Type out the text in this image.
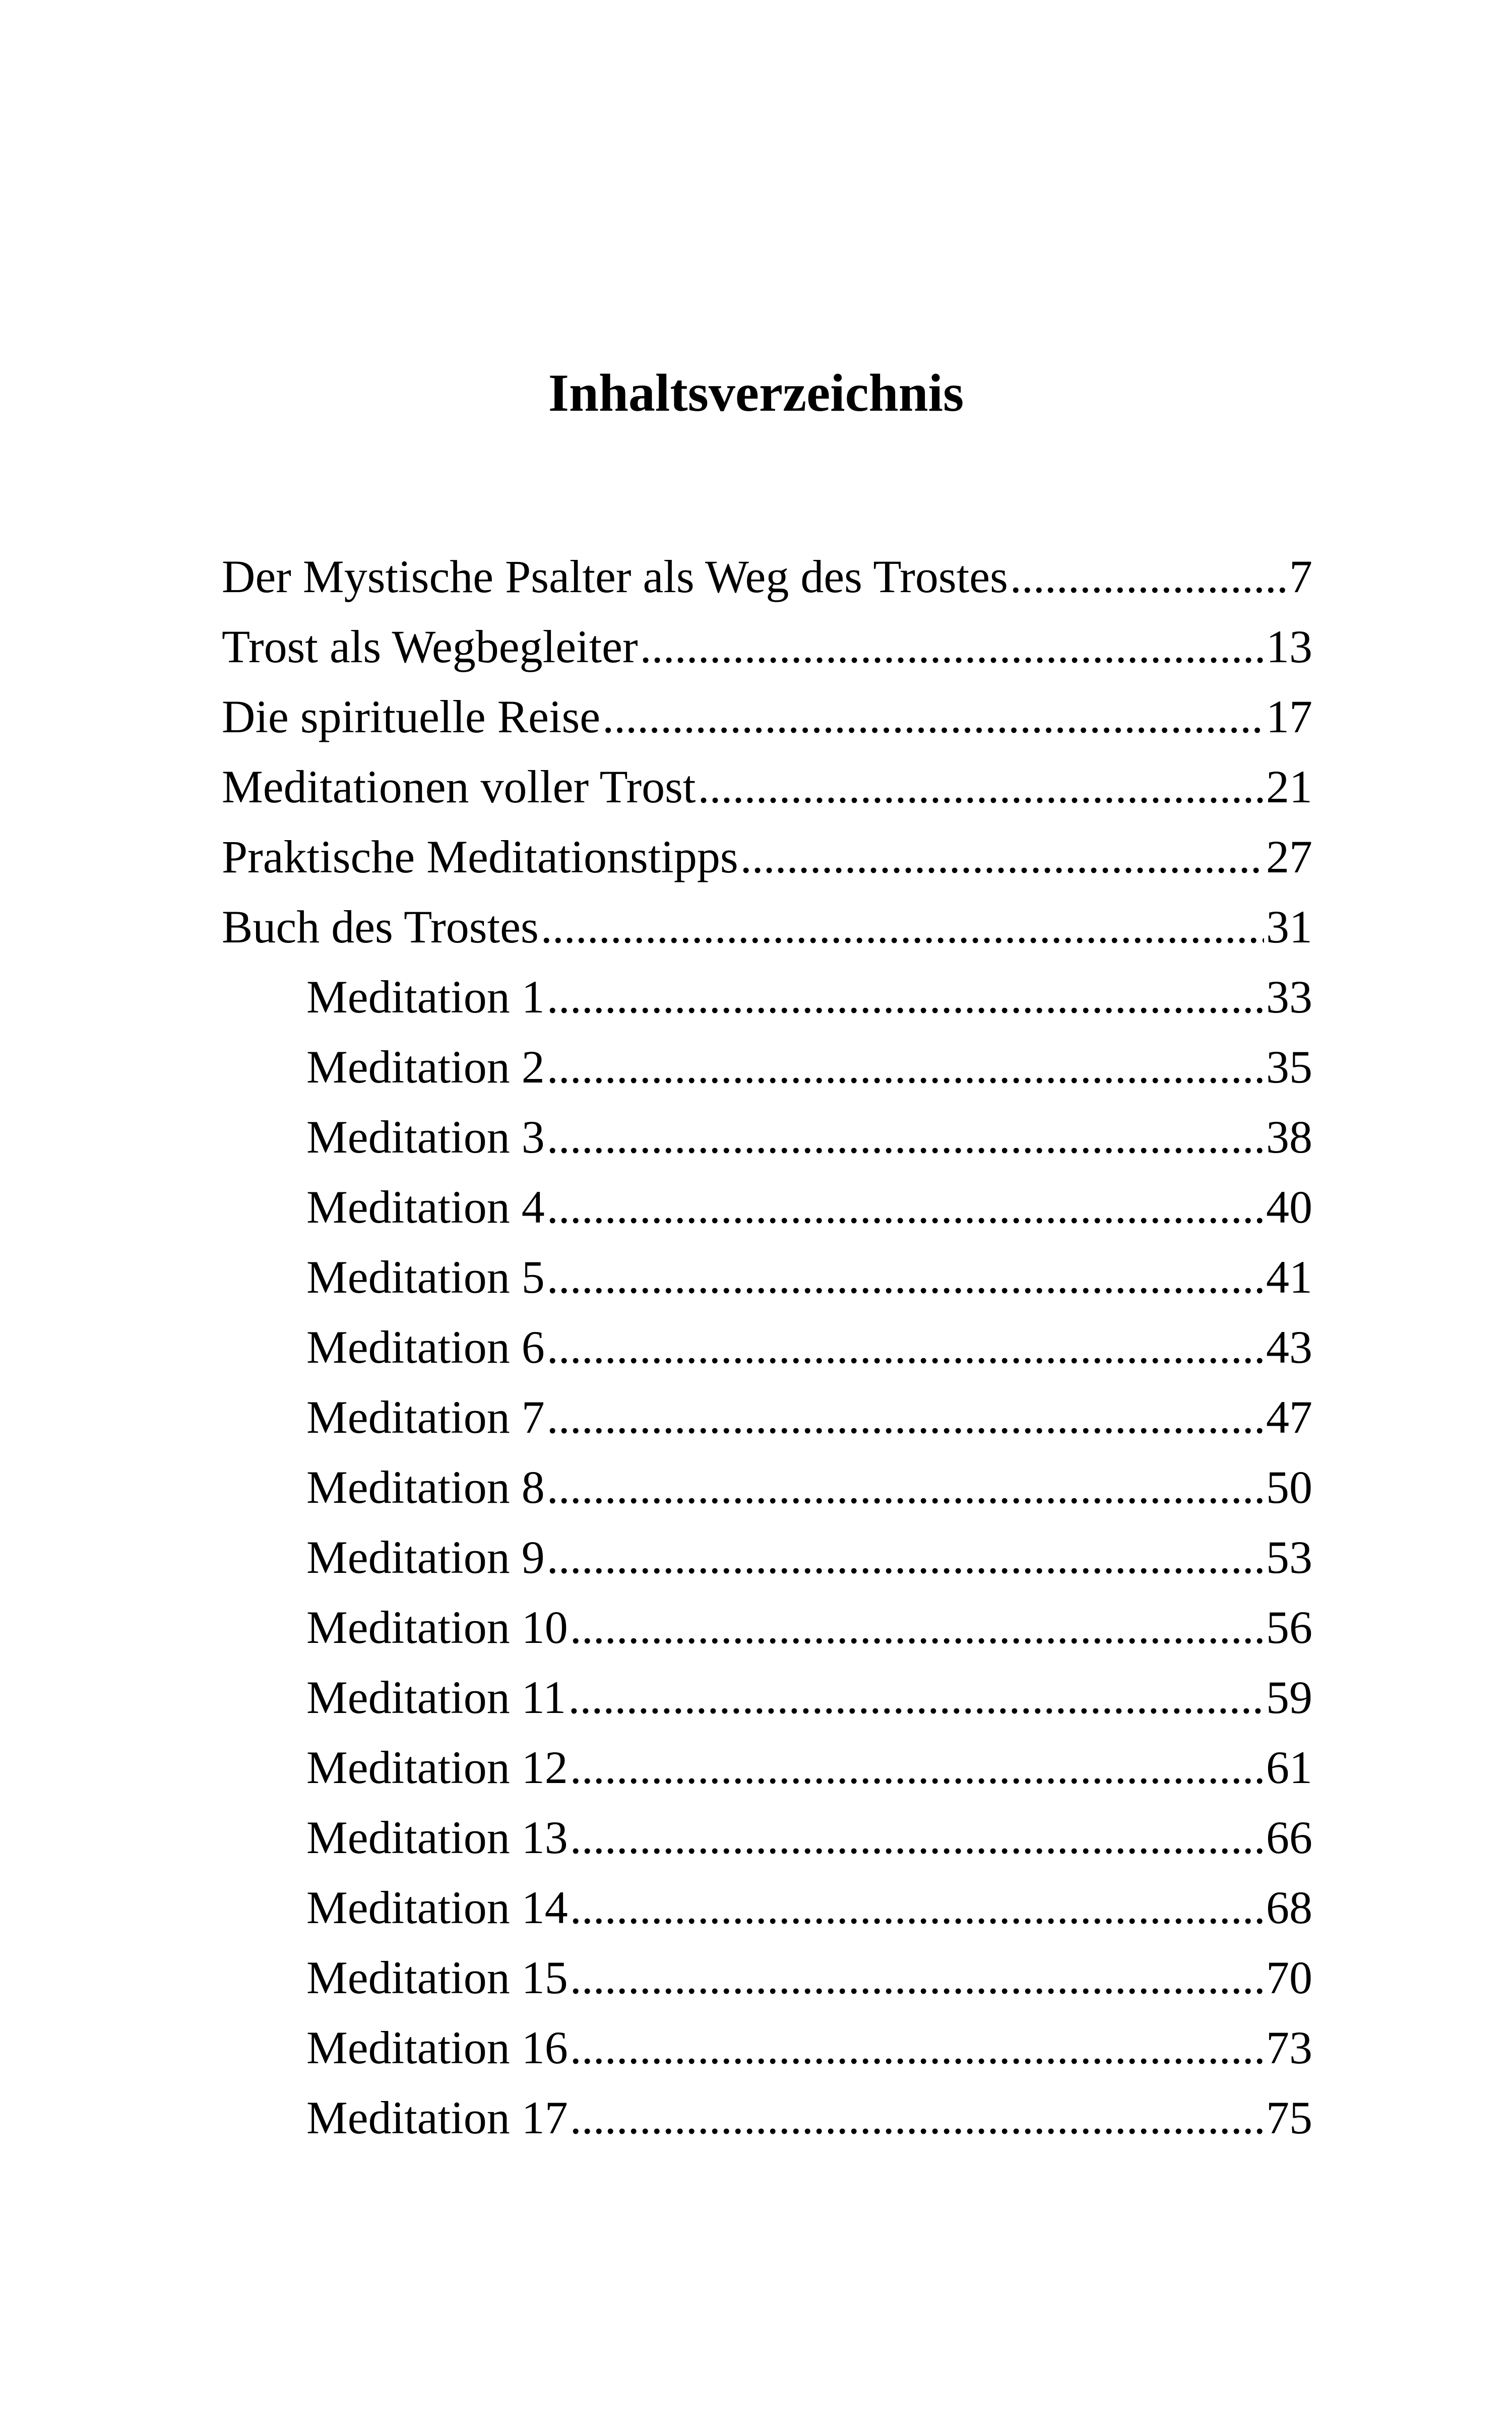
Inhaltsverzeichnis
Der Mystische Psalter als Weg des Trostes .....	7
Trost als Wegbegleiter .....	13
Die spirituelle Reise .....	17
Meditationen voller Trost .....	21
Praktische Meditationstipps .....	27
Buch des Trostes .....	31
Meditation 1 .....	33
Meditation 2 .....	35
Meditation 3 .....	38
Meditation 4 .....	40
Meditation 5 .....	41
Meditation 6 .....	43
Meditation 7 .....	47
Meditation 8 .....	50
Meditation 9 .....	53
Meditation 10 .....	56
Meditation 11 .....	59
Meditation 12 .....	61
Meditation 13 .....	66
Meditation 14 .....	68
Meditation 15 .....	70
Meditation 16 .....	73
Meditation 17 .....	75
